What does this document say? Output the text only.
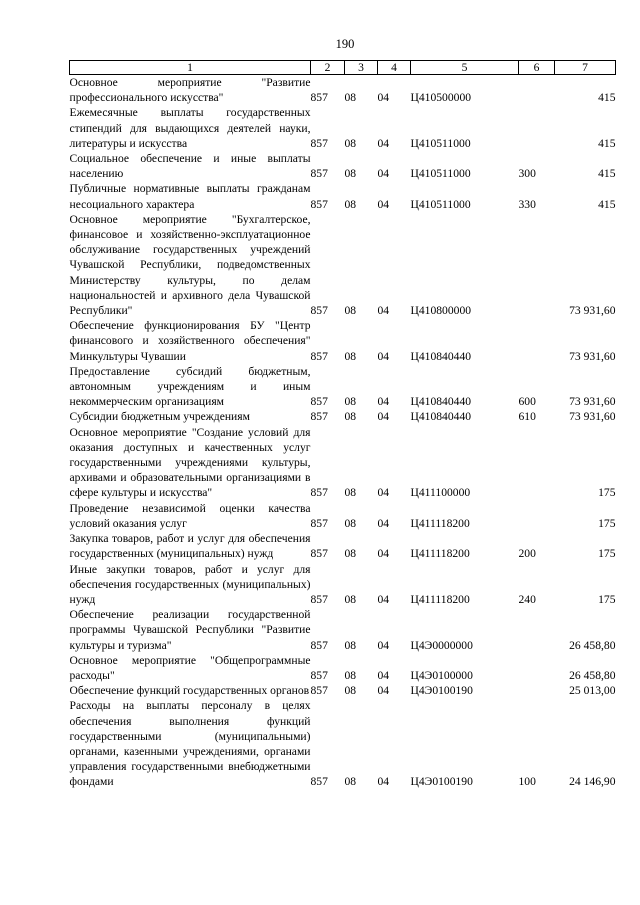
190
1	2	3	4	5	6	7
Основное мероприятие "Развитие профессионального искусства"	857	08	04	Ц410500000		415
Ежемесячные выплаты государственных стипендий для выдающихся деятелей науки, литературы и искусства	857	08	04	Ц410511000		415
Социальное обеспечение и иные выплаты населению	857	08	04	Ц410511000	300	415
Публичные нормативные выплаты гражданам несоциального характера	857	08	04	Ц410511000	330	415
Основное мероприятие "Бухгалтерское, финансовое и хозяйственно-эксплуатационное обслуживание государственных учреждений Чувашской Республики, подведомственных Министерству культуры, по делам национальностей и архивного дела Чувашской Республики"	857	08	04	Ц410800000		73 931,60
Обеспечение функционирования БУ "Центр финансового и хозяйственного обеспечения" Минкультуры Чувашии	857	08	04	Ц410840440		73 931,60
Предоставление субсидий бюджетным, автономным учреждениям и иным некоммерческим организациям	857	08	04	Ц410840440	600	73 931,60
Субсидии бюджетным учреждениям	857	08	04	Ц410840440	610	73 931,60
Основное мероприятие "Создание условий для оказания доступных и качественных услуг государственными учреждениями культуры, архивами и образовательными организациями в сфере культуры и искусства"	857	08	04	Ц411100000		175
Проведение независимой оценки качества условий оказания услуг	857	08	04	Ц411118200		175
Закупка товаров, работ и услуг для обеспечения государственных (муниципальных) нужд	857	08	04	Ц411118200	200	175
Иные закупки товаров, работ и услуг для обеспечения государственных (муниципальных) нужд	857	08	04	Ц411118200	240	175
Обеспечение реализации государственной программы Чувашской Республики "Развитие культуры и туризма"	857	08	04	Ц4Э0000000		26 458,80
Основное мероприятие "Общепрограммные расходы"	857	08	04	Ц4Э0100000		26 458,80
Обеспечение функций государственных органов	857	08	04	Ц4Э0100190		25 013,00
Расходы на выплаты персоналу в целях обеспечения выполнения функций государственными (муниципальными) органами, казенными учреждениями, органами управления государственными внебюджетными фондами	857	08	04	Ц4Э0100190	100	24 146,90
